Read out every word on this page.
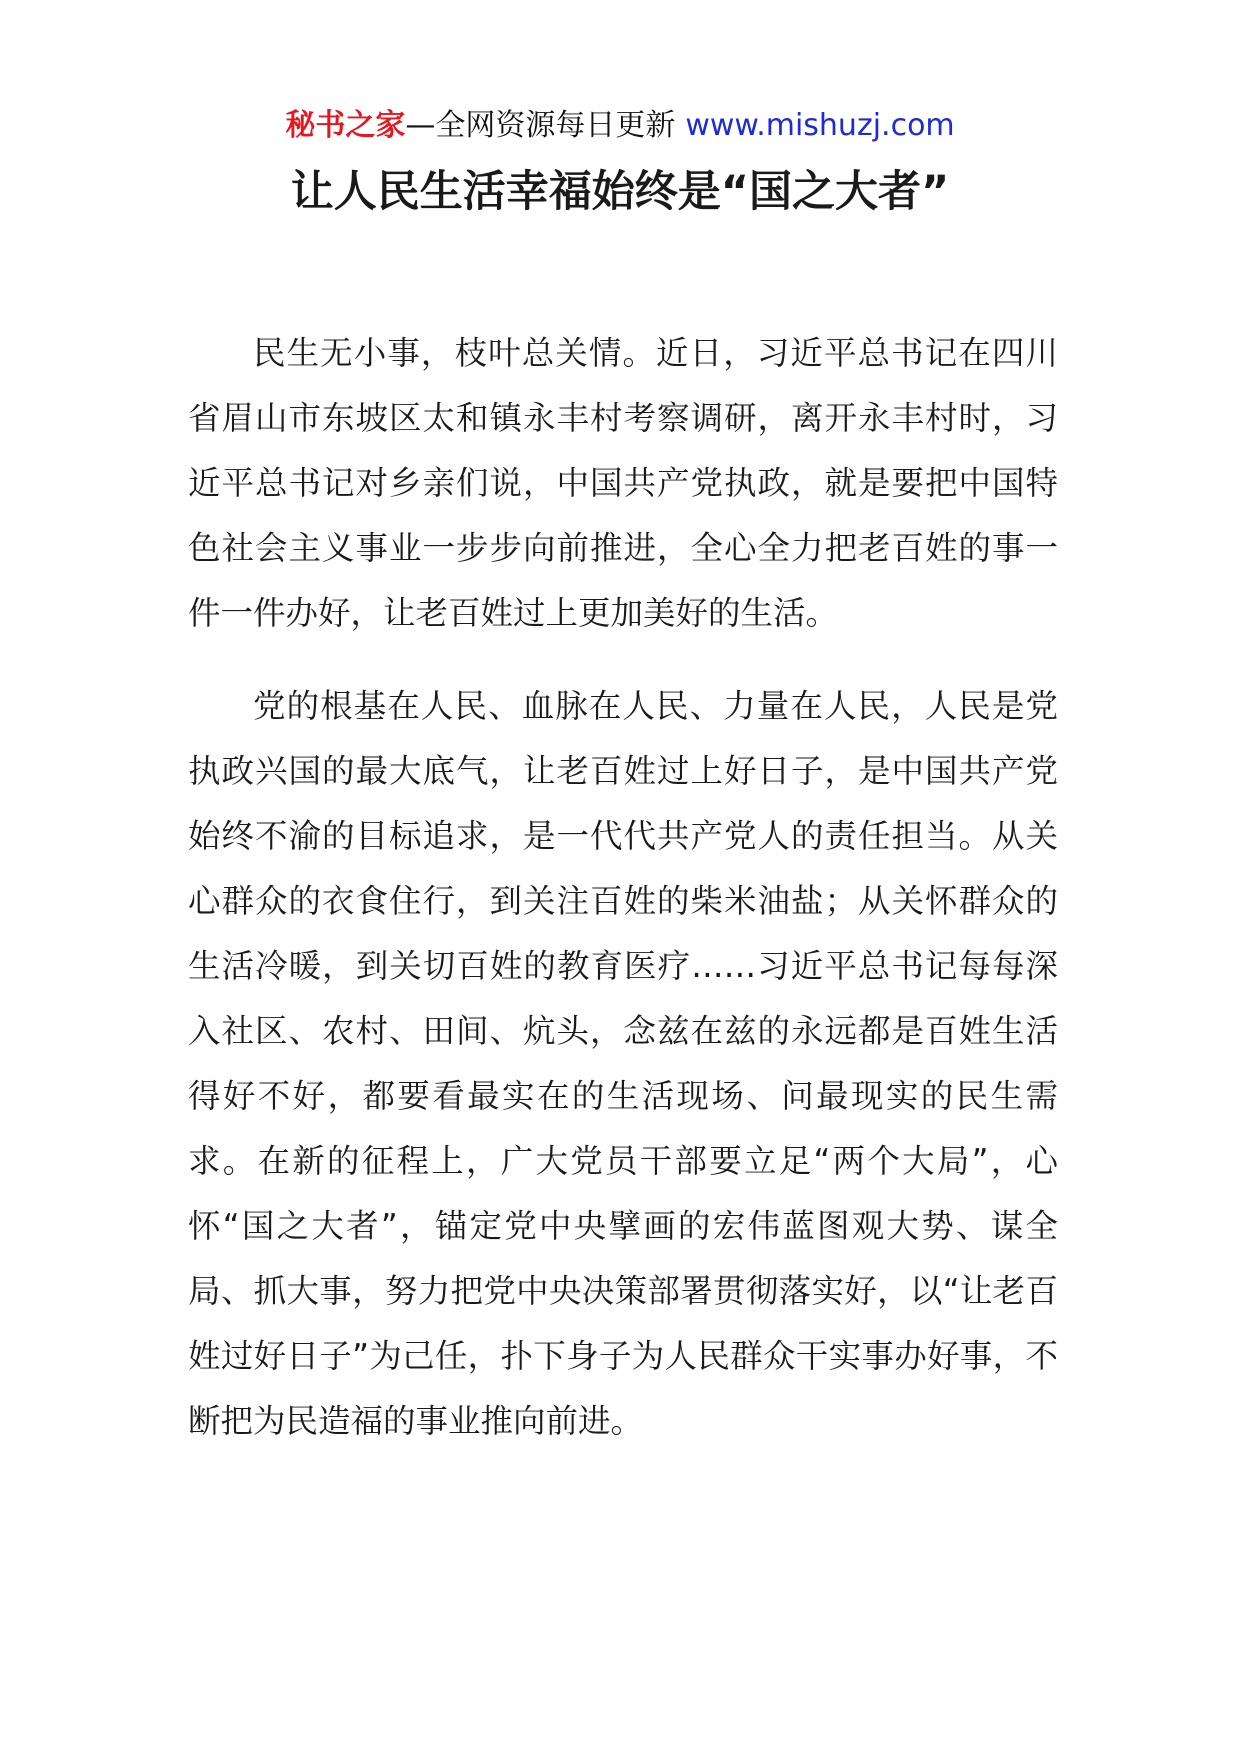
秘书之家—全网资源每日更新 www.mishuzj.com
让人民生活幸福始终是“国之大者”

民生无小事，枝叶总关情。近日，习近平总书记在四川省眉山市东坡区太和镇永丰村考察调研，离开永丰村时，习近平总书记对乡亲们说，中国共产党执政，就是要把中国特色社会主义事业一步步向前推进，全心全力把老百姓的事一件一件办好，让老百姓过上更加美好的生活。

党的根基在人民、血脉在人民、力量在人民，人民是党执政兴国的最大底气，让老百姓过上好日子，是中国共产党始终不渝的目标追求，是一代代共产党人的责任担当。从关心群众的衣食住行，到关注百姓的柴米油盐；从关怀群众的生活冷暖，到关切百姓的教育医疗……习近平总书记每每深入社区、农村、田间、炕头，念兹在兹的永远都是百姓生活得好不好，都要看最实在的生活现场、问最现实的民生需求。在新的征程上，广大党员干部要立足“两个大局”，心怀“国之大者”，锚定党中央擘画的宏伟蓝图观大势、谋全局、抓大事，努力把党中央决策部署贯彻落实好，以“让老百姓过好日子”为己任，扑下身子为人民群众干实事办好事，不断把为民造福的事业推向前进。
